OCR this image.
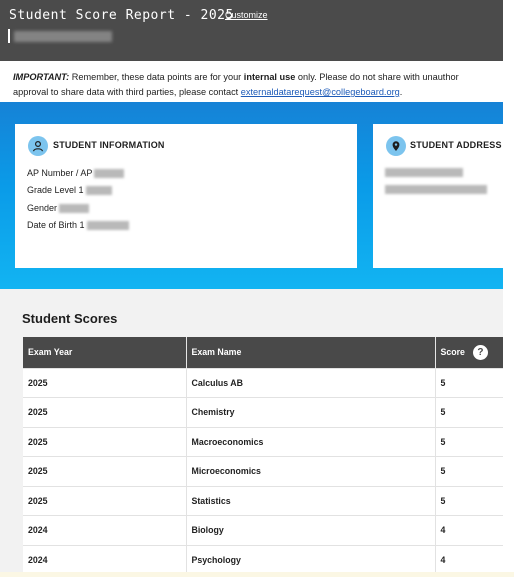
Student Score Report - 2025
Customize
IMPORTANT: Remember, these data points are for your internal use only. Please do not share with unauthor
approval to share data with third parties, please contact externaldatarequest@collegeboard.org.
STUDENT INFORMATION
AP Number / AP
Grade Level 1
Gender
Date of Birth 1
STUDENT ADDRESS
Student Scores
Exam Year	Exam Name	Score ?
2025	Calculus AB	5
2025	Chemistry	5
2025	Macroeconomics	5
2025	Microeconomics	5
2025	Statistics	5
2024	Biology	4
2024	Psychology	4
